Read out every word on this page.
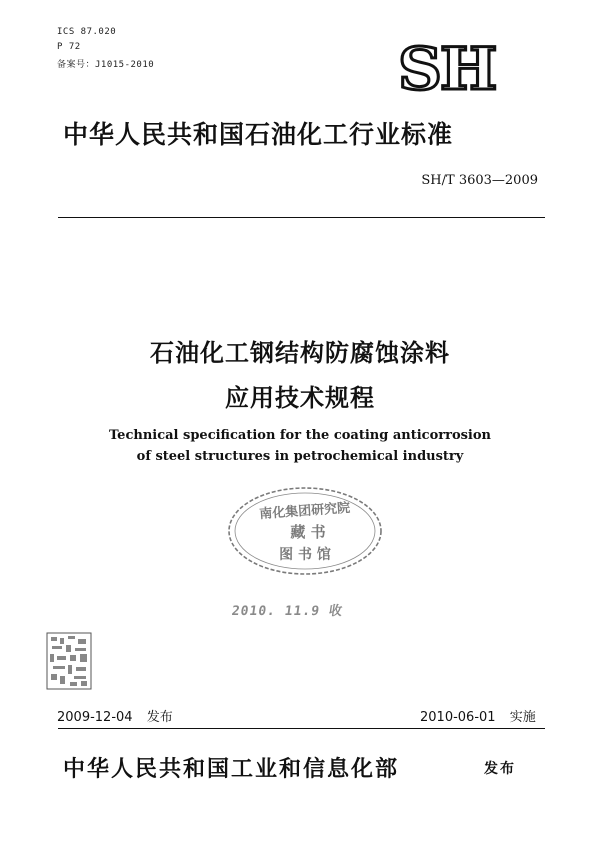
ICS 87.020
P 72
备案号：J1015-2010	SH
中华人民共和国石油化工行业标准
SH/T 3603—2009
石油化工钢结构防腐蚀涂料
应用技术规程
Technical specification for the coating anticorrosion
of steel structures in petrochemical industry
南化集团研究院
藏 书
图 书 馆
2010. 11.9 收
2009-12-04 发布	2010-06-01 实施
中华人民共和国工业和信息化部	发布
